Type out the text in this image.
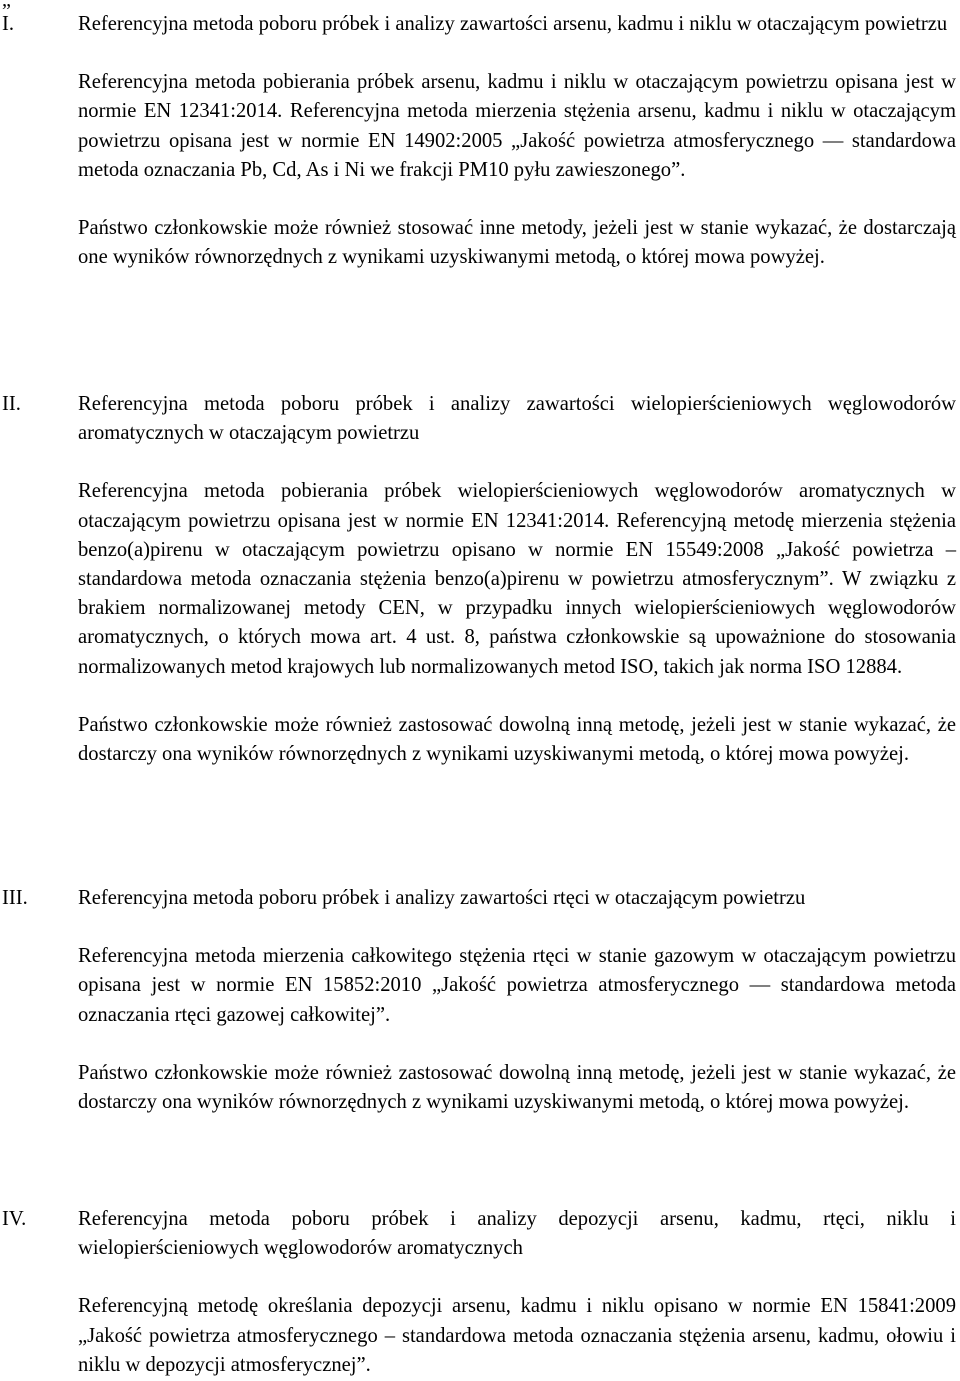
„
I.	Referencyjna metoda poboru próbek i analizy zawartości arsenu, kadmu i niklu w otaczającym powietrzu

Referencyjna metoda pobierania próbek arsenu, kadmu i niklu w otaczającym powietrzu opisana jest w normie EN 12341:2014. Referencyjna metoda mierzenia stężenia arsenu, kadmu i niklu w otaczającym powietrzu opisana jest w normie EN 14902:2005 „Jakość powietrza atmosferycznego — standardowa metoda oznaczania Pb, Cd, As i Ni we frakcji PM10 pyłu zawieszonego”.

Państwo członkowskie może również stosować inne metody, jeżeli jest w stanie wykazać, że dostarczają one wyników równorzędnych z wynikami uzyskiwanymi metodą, o której mowa powyżej.

II.	Referencyjna metoda poboru próbek i analizy zawartości wielopierścieniowych węglowodorów aromatycznych w otaczającym powietrzu

Referencyjna metoda pobierania próbek wielopierścieniowych węglowodorów aromatycznych w otaczającym powietrzu opisana jest w normie EN 12341:2014. Referencyjną metodę mierzenia stężenia benzo(a)pirenu w otaczającym powietrzu opisano w normie EN 15549:2008 „Jakość powietrza – standardowa metoda oznaczania stężenia benzo(a)pirenu w powietrzu atmosferycznym”. W związku z brakiem normalizowanej metody CEN, w przypadku innych wielopierścieniowych węglowodorów aromatycznych, o których mowa art. 4 ust. 8, państwa członkowskie są upoważnione do stosowania normalizowanych metod krajowych lub normalizowanych metod ISO, takich jak norma ISO 12884.

Państwo członkowskie może również zastosować dowolną inną metodę, jeżeli jest w stanie wykazać, że dostarczy ona wyników równorzędnych z wynikami uzyskiwanymi metodą, o której mowa powyżej.

III.	Referencyjna metoda poboru próbek i analizy zawartości rtęci w otaczającym powietrzu

Referencyjna metoda mierzenia całkowitego stężenia rtęci w stanie gazowym w otaczającym powietrzu opisana jest w normie EN 15852:2010 „Jakość powietrza atmosferycznego — standardowa metoda oznaczania rtęci gazowej całkowitej”.

Państwo członkowskie może również zastosować dowolną inną metodę, jeżeli jest w stanie wykazać, że dostarczy ona wyników równorzędnych z wynikami uzyskiwanymi metodą, o której mowa powyżej.

IV.	Referencyjna metoda poboru próbek i analizy depozycji arsenu, kadmu, rtęci, niklu i wielopierścieniowych węglowodorów aromatycznych

Referencyjną metodę określania depozycji arsenu, kadmu i niklu opisano w normie EN 15841:2009 „Jakość powietrza atmosferycznego – standardowa metoda oznaczania stężenia arsenu, kadmu, ołowiu i niklu w depozycji atmosferycznej”.
